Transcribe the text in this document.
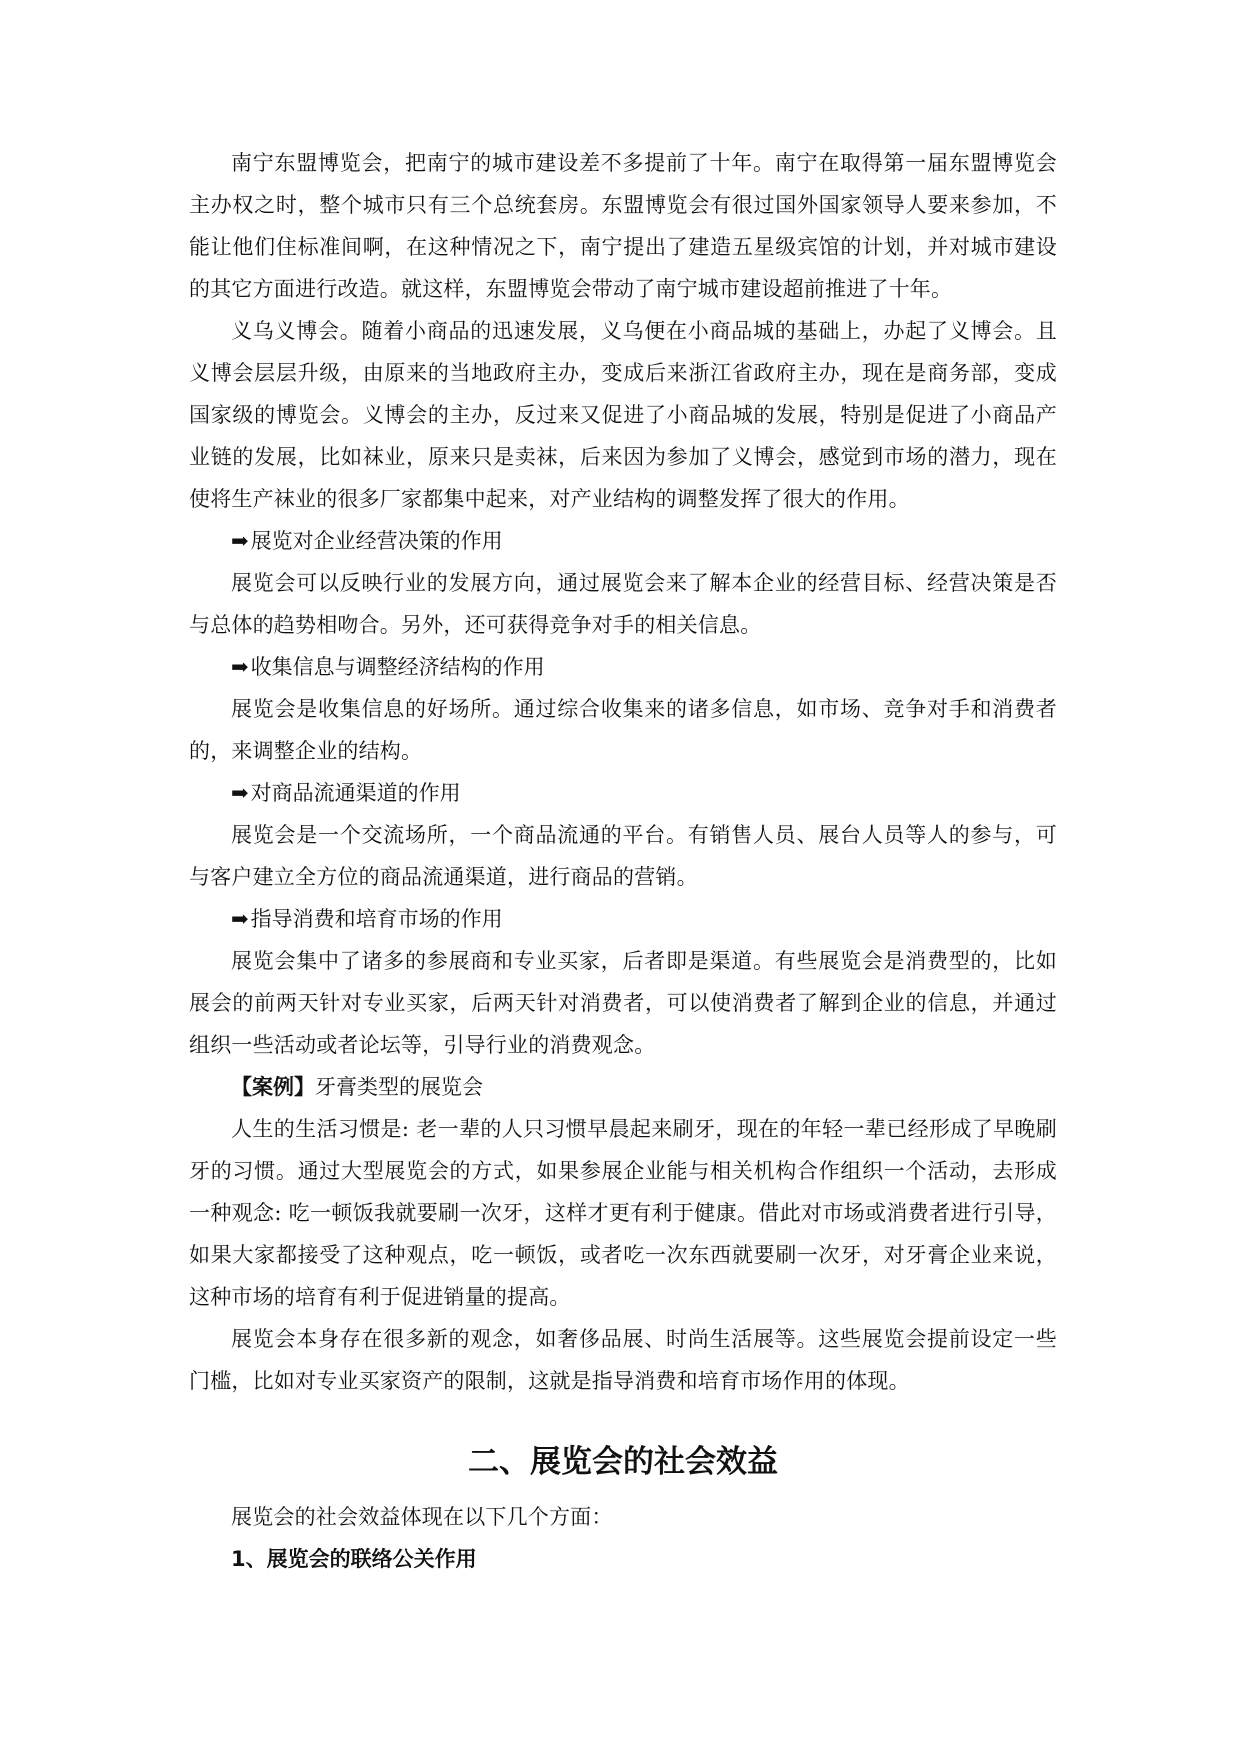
南宁东盟博览会，把南宁的城市建设差不多提前了十年。南宁在取得第一届东盟博览会主办权之时，整个城市只有三个总统套房。东盟博览会有很过国外国家领导人要来参加，不能让他们住标准间啊，在这种情况之下，南宁提出了建造五星级宾馆的计划，并对城市建设的其它方面进行改造。就这样，东盟博览会带动了南宁城市建设超前推进了十年。

义乌义博会。随着小商品的迅速发展，义乌便在小商品城的基础上，办起了义博会。且义博会层层升级，由原来的当地政府主办，变成后来浙江省政府主办，现在是商务部，变成国家级的博览会。义博会的主办，反过来又促进了小商品城的发展，特别是促进了小商品产业链的发展，比如袜业，原来只是卖袜，后来因为参加了义博会，感觉到市场的潜力，现在使将生产袜业的很多厂家都集中起来，对产业结构的调整发挥了很大的作用。

➡展览对企业经营决策的作用

展览会可以反映行业的发展方向，通过展览会来了解本企业的经营目标、经营决策是否与总体的趋势相吻合。另外，还可获得竞争对手的相关信息。

➡收集信息与调整经济结构的作用

展览会是收集信息的好场所。通过综合收集来的诸多信息，如市场、竞争对手和消费者的，来调整企业的结构。

➡对商品流通渠道的作用

展览会是一个交流场所，一个商品流通的平台。有销售人员、展台人员等人的参与，可与客户建立全方位的商品流通渠道，进行商品的营销。

➡指导消费和培育市场的作用

展览会集中了诸多的参展商和专业买家，后者即是渠道。有些展览会是消费型的，比如展会的前两天针对专业买家，后两天针对消费者，可以使消费者了解到企业的信息，并通过组织一些活动或者论坛等，引导行业的消费观念。

【案例】牙膏类型的展览会

人生的生活习惯是: 老一辈的人只习惯早晨起来刷牙，现在的年轻一辈已经形成了早晚刷牙的习惯。通过大型展览会的方式，如果参展企业能与相关机构合作组织一个活动，去形成一种观念: 吃一顿饭我就要刷一次牙，这样才更有利于健康。借此对市场或消费者进行引导，如果大家都接受了这种观点，吃一顿饭，或者吃一次东西就要刷一次牙，对牙膏企业来说，这种市场的培育有利于促进销量的提高。

展览会本身存在很多新的观念，如奢侈品展、时尚生活展等。这些展览会提前设定一些门槛，比如对专业买家资产的限制，这就是指导消费和培育市场作用的体现。

二、展览会的社会效益

展览会的社会效益体现在以下几个方面：

1、展览会的联络公关作用
